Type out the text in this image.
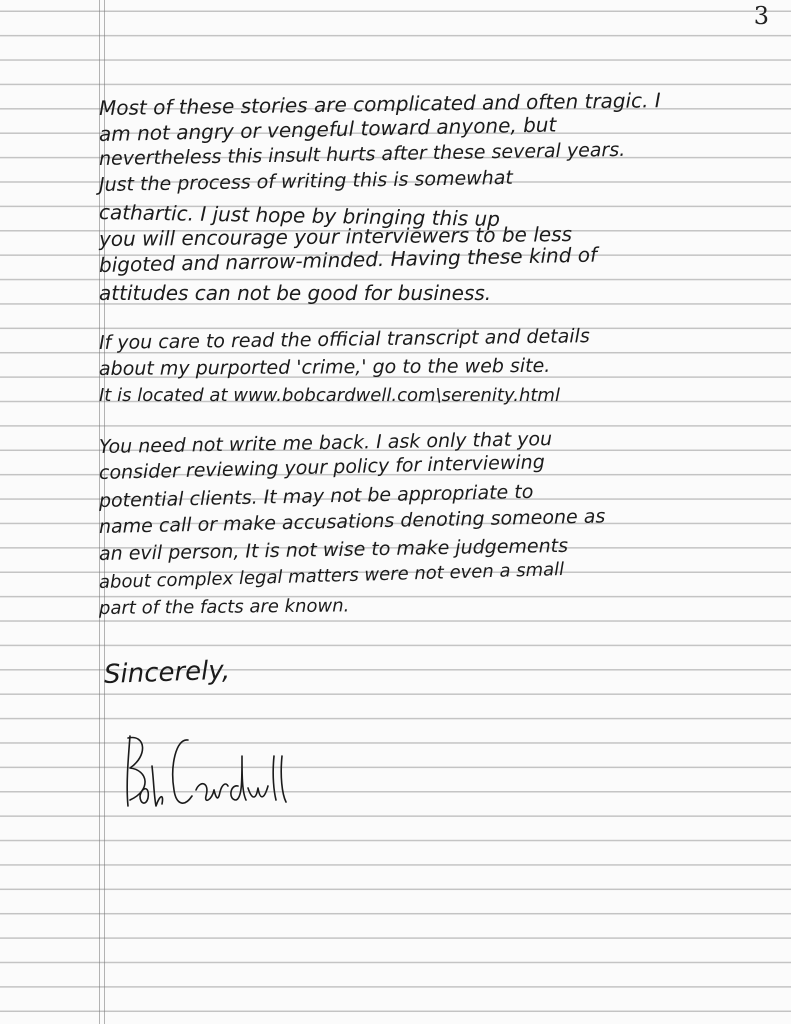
3
Most of these stories are complicated and often tragic. I
am not angry or vengeful toward anyone, but
nevertheless this insult hurts after these several years.
Just the process of writing this is somewhat
cathartic. I just hope by bringing this up
you will encourage your interviewers to be less
bigoted and narrow-minded. Having these kind of
attitudes can not be good for business.
If you care to read the official transcript and details
about my purported 'crime,' go to the web site.
It is located at www.bobcardwell.com\serenity.html
You need not write me back. I ask only that you
consider reviewing your policy for interviewing
potential clients. It may not be appropriate to
name call or make accusations denoting someone as
an evil person, It is not wise to make judgements
about complex legal matters were not even a small
part of the facts are known.
Sincerely,
